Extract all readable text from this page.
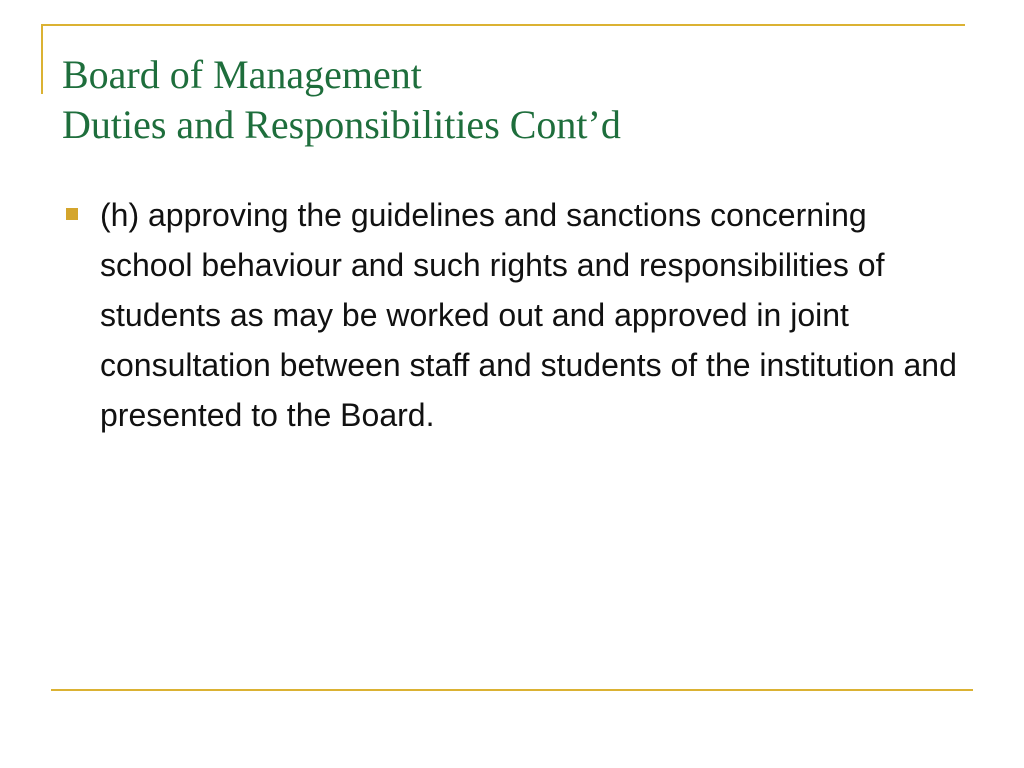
Board of Management
Duties and Responsibilities Cont’d
(h) approving the guidelines and sanctions concerning school behaviour and such rights and responsibilities of students as may be worked out and approved in joint consultation between staff and students of the institution and presented to the Board.
